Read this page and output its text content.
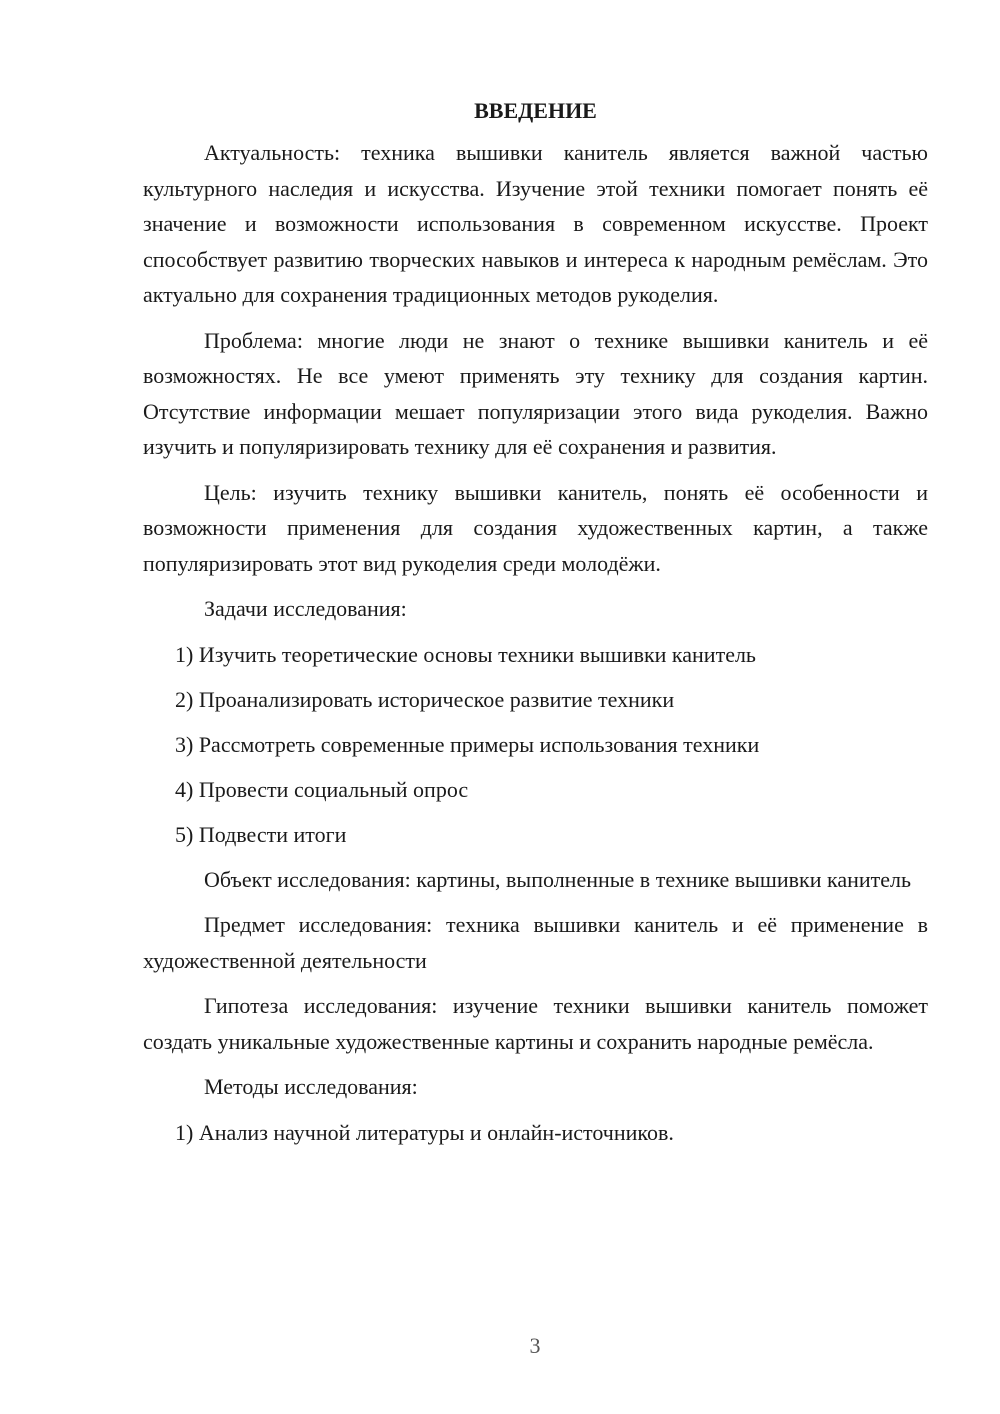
ВВЕДЕНИЕ

Актуальность: техника вышивки канитель является важной частью культурного наследия и искусства. Изучение этой техники помогает понять её значение и возможности использования в современном искусстве. Проект способствует развитию творческих навыков и интереса к народным ремёслам. Это актуально для сохранения традиционных методов рукоделия.

Проблема: многие люди не знают о технике вышивки канитель и её возможностях. Не все умеют применять эту технику для создания картин. Отсутствие информации мешает популяризации этого вида рукоделия. Важно изучить и популяризировать технику для её сохранения и развития.

Цель: изучить технику вышивки канитель, понять её особенности и возможности применения для создания художественных картин, а также популяризировать этот вид рукоделия среди молодёжи.

Задачи исследования:

1) Изучить теоретические основы техники вышивки канитель

2) Проанализировать историческое развитие техники

3) Рассмотреть современные примеры использования техники

4) Провести социальный опрос

5) Подвести итоги

Объект исследования: картины, выполненные в технике вышивки канитель

Предмет исследования: техника вышивки канитель и её применение в художественной деятельности

Гипотеза исследования: изучение техники вышивки канитель поможет создать уникальные художественные картины и сохранить народные ремёсла.

Методы исследования:

1) Анализ научной литературы и онлайн-источников.

3
